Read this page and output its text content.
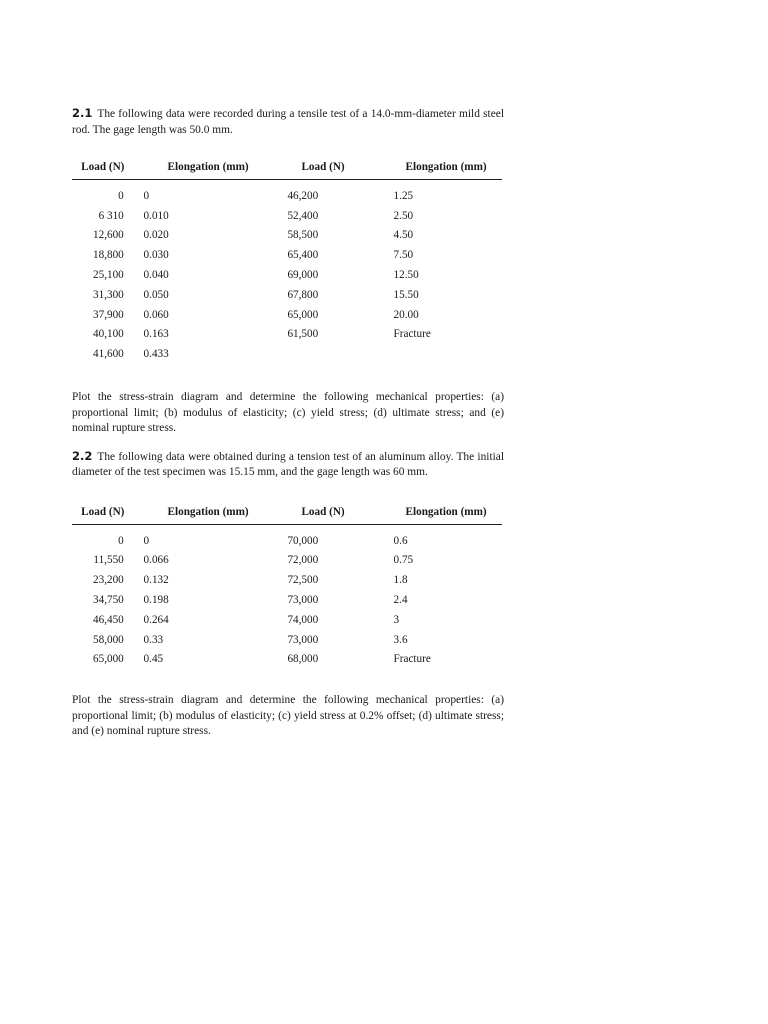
2.1 The following data were recorded during a tensile test of a 14.0-mm-diameter mild steel rod. The gage length was 50.0 mm.

Load (N)	Elongation (mm)	Load (N)	Elongation (mm)
0	0	46,200	1.25
6 310	0.010	52,400	2.50
12,600	0.020	58,500	4.50
18,800	0.030	65,400	7.50
25,100	0.040	69,000	12.50
31,300	0.050	67,800	15.50
37,900	0.060	65,000	20.00
40,100	0.163	61,500	Fracture
41,600	0.433		

Plot the stress-strain diagram and determine the following mechanical properties: (a) proportional limit; (b) modulus of elasticity; (c) yield stress; (d) ultimate stress; and (e) nominal rupture stress.

2.2 The following data were obtained during a tension test of an aluminum alloy. The initial diameter of the test specimen was 15.15 mm, and the gage length was 60 mm.

Load (N)	Elongation (mm)	Load (N)	Elongation (mm)
0	0	70,000	0.6
11,550	0.066	72,000	0.75
23,200	0.132	72,500	1.8
34,750	0.198	73,000	2.4
46,450	0.264	74,000	3
58,000	0.33	73,000	3.6
65,000	0.45	68,000	Fracture

Plot the stress-strain diagram and determine the following mechanical properties: (a) proportional limit; (b) modulus of elasticity; (c) yield stress at 0.2% offset; (d) ultimate stress; and (e) nominal rupture stress.
